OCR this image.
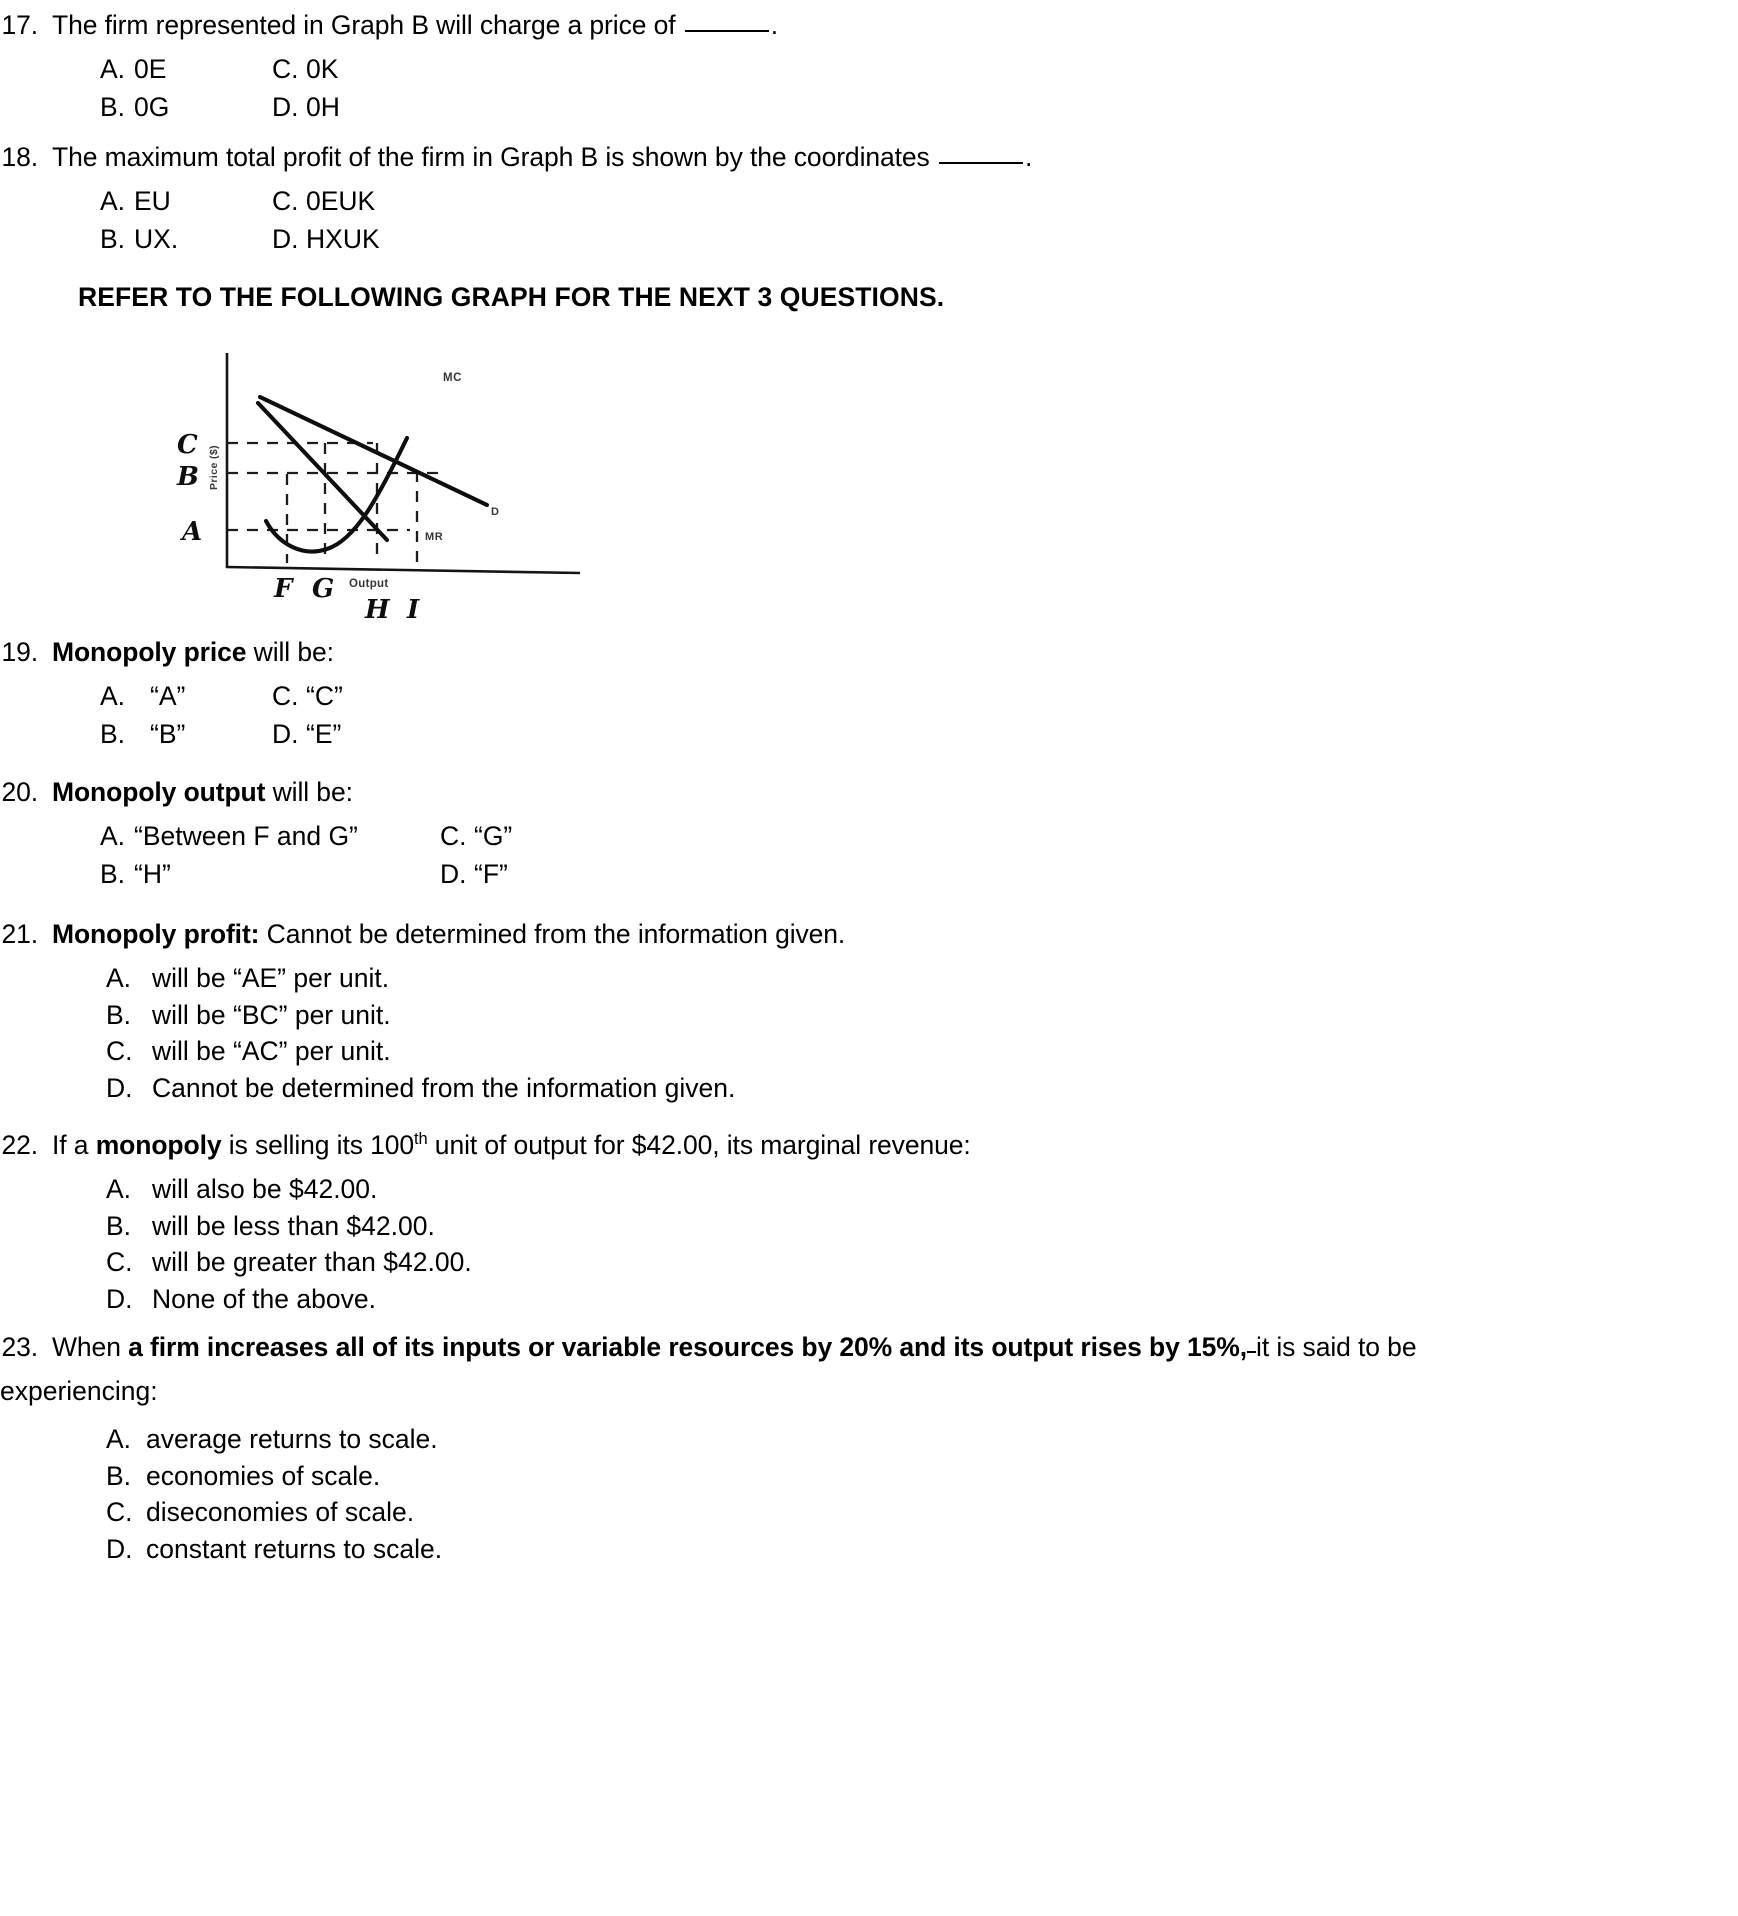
17. The firm represented in Graph B will charge a price of	.
A. 0E	C. 0K
B. 0G	D. 0H
18. The maximum total profit of the firm in Graph B is shown by the coordinates	.
A. EU	C. 0EUK
B. UX.	D. HXUK
REFER TO THE FOLLOWING GRAPH FOR THE NEXT 3 QUESTIONS.
MC
MR
D
Price ($)
Output
C
B
A
F G
H I
19. Monopoly price will be:
A. “A”	C. “C”
B. “B”	D. “E”
20. Monopoly output will be:
A. “Between F and G”	C. “G”
B. “H”	D. “F”
21. Monopoly profit: Cannot be determined from the information given.
A. will be “AE” per unit.
B. will be “BC” per unit.
C. will be “AC” per unit.
D. Cannot be determined from the information given.
22. If a monopoly is selling its 100th unit of output for $42.00, its marginal revenue:
A. will also be $42.00.
B. will be less than $42.00.
C. will be greater than $42.00.
D. None of the above.
23. When a firm increases all of its inputs or variable resources by 20% and its output rises by 15%, it is said to be
experiencing:
A. average returns to scale.
B. economies of scale.
C. diseconomies of scale.
D. constant returns to scale.
